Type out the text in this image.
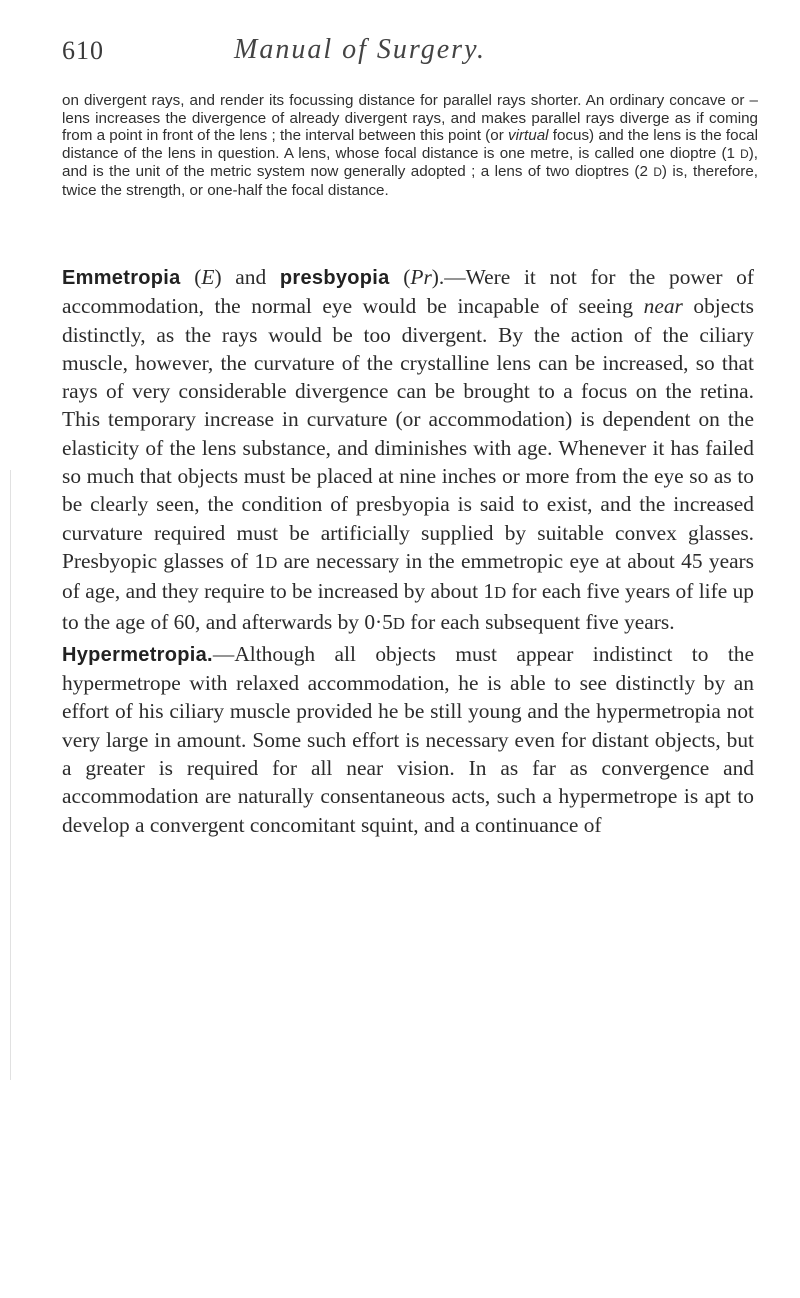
610	Manual of Surgery.

on divergent rays, and render its focussing distance for parallel rays shorter. An ordinary concave or – lens increases the divergence of already divergent rays, and makes parallel rays diverge as if coming from a point in front of the lens ; the interval between this point (or virtual focus) and the lens is the focal distance of the lens in question. A lens, whose focal distance is one metre, is called one dioptre (1 D), and is the unit of the metric system now generally adopted ; a lens of two dioptres (2 D) is, therefore, twice the strength, or one-half the focal distance.

Emmetropia (E) and presbyopia (Pr).—Were it not for the power of accommodation, the normal eye would be incapable of seeing near objects distinctly, as the rays would be too divergent. By the action of the ciliary muscle, however, the curvature of the crystalline lens can be increased, so that rays of very considerable divergence can be brought to a focus on the retina. This temporary increase in curvature (or accommodation) is dependent on the elasticity of the lens substance, and diminishes with age. Whenever it has failed so much that objects must be placed at nine inches or more from the eye so as to be clearly seen, the condition of presbyopia is said to exist, and the increased curvature required must be artificially supplied by suitable convex glasses. Presbyopic glasses of 1D are necessary in the emmetropic eye at about 45 years of age, and they require to be increased by about 1D for each five years of life up to the age of 60, and afterwards by 0·5D for each subsequent five years.

Hypermetropia.—Although all objects must appear indistinct to the hypermetrope with relaxed accommodation, he is able to see distinctly by an effort of his ciliary muscle provided he be still young and the hypermetropia not very large in amount. Some such effort is necessary even for distant objects, but a greater is required for all near vision. In as far as convergence and accommodation are naturally consentaneous acts, such a hypermetrope is apt to develop a convergent concomitant squint, and a continuance of
